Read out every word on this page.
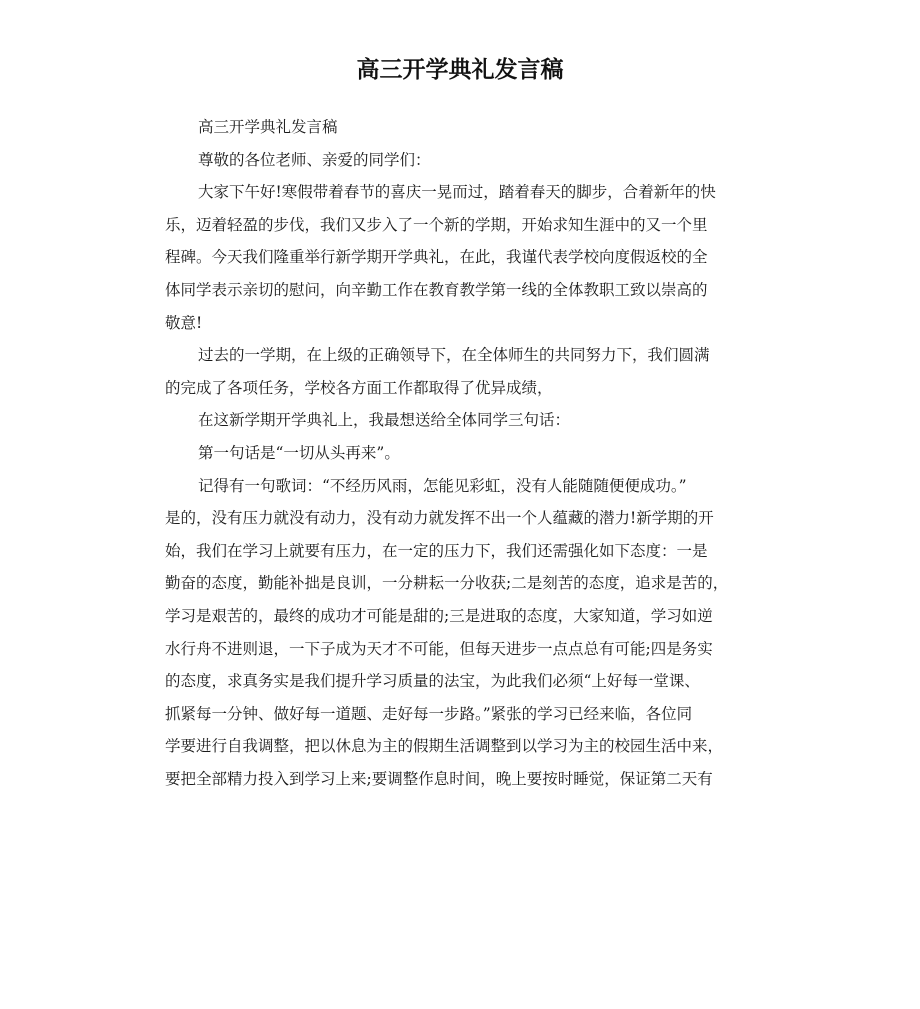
高三开学典礼发言稿
高三开学典礼发言稿
尊敬的各位老师、亲爱的同学们：
大家下午好!寒假带着春节的喜庆一晃而过，踏着春天的脚步，合着新年的快
乐，迈着轻盈的步伐，我们又步入了一个新的学期，开始求知生涯中的又一个里
程碑。今天我们隆重举行新学期开学典礼，在此，我谨代表学校向度假返校的全
体同学表示亲切的慰问，向辛勤工作在教育教学第一线的全体教职工致以崇高的
敬意!
过去的一学期，在上级的正确领导下，在全体师生的共同努力下，我们圆满
的完成了各项任务，学校各方面工作都取得了优异成绩，
在这新学期开学典礼上，我最想送给全体同学三句话：
第一句话是“一切从头再来”。
记得有一句歌词：“不经历风雨，怎能见彩虹，没有人能随随便便成功。”
是的，没有压力就没有动力，没有动力就发挥不出一个人蕴藏的潜力!新学期的开
始，我们在学习上就要有压力，在一定的压力下，我们还需强化如下态度：一是
勤奋的态度，勤能补拙是良训，一分耕耘一分收获;二是刻苦的态度，追求是苦的，
学习是艰苦的，最终的成功才可能是甜的;三是进取的态度，大家知道，学习如逆
水行舟不进则退，一下子成为天才不可能，但每天进步一点点总有可能;四是务实
的态度，求真务实是我们提升学习质量的法宝，为此我们必须“上好每一堂课、
抓紧每一分钟、做好每一道题、走好每一步路。”紧张的学习已经来临，各位同
学要进行自我调整，把以休息为主的假期生活调整到以学习为主的校园生活中来，
要把全部精力投入到学习上来;要调整作息时间，晚上要按时睡觉，保证第二天有
